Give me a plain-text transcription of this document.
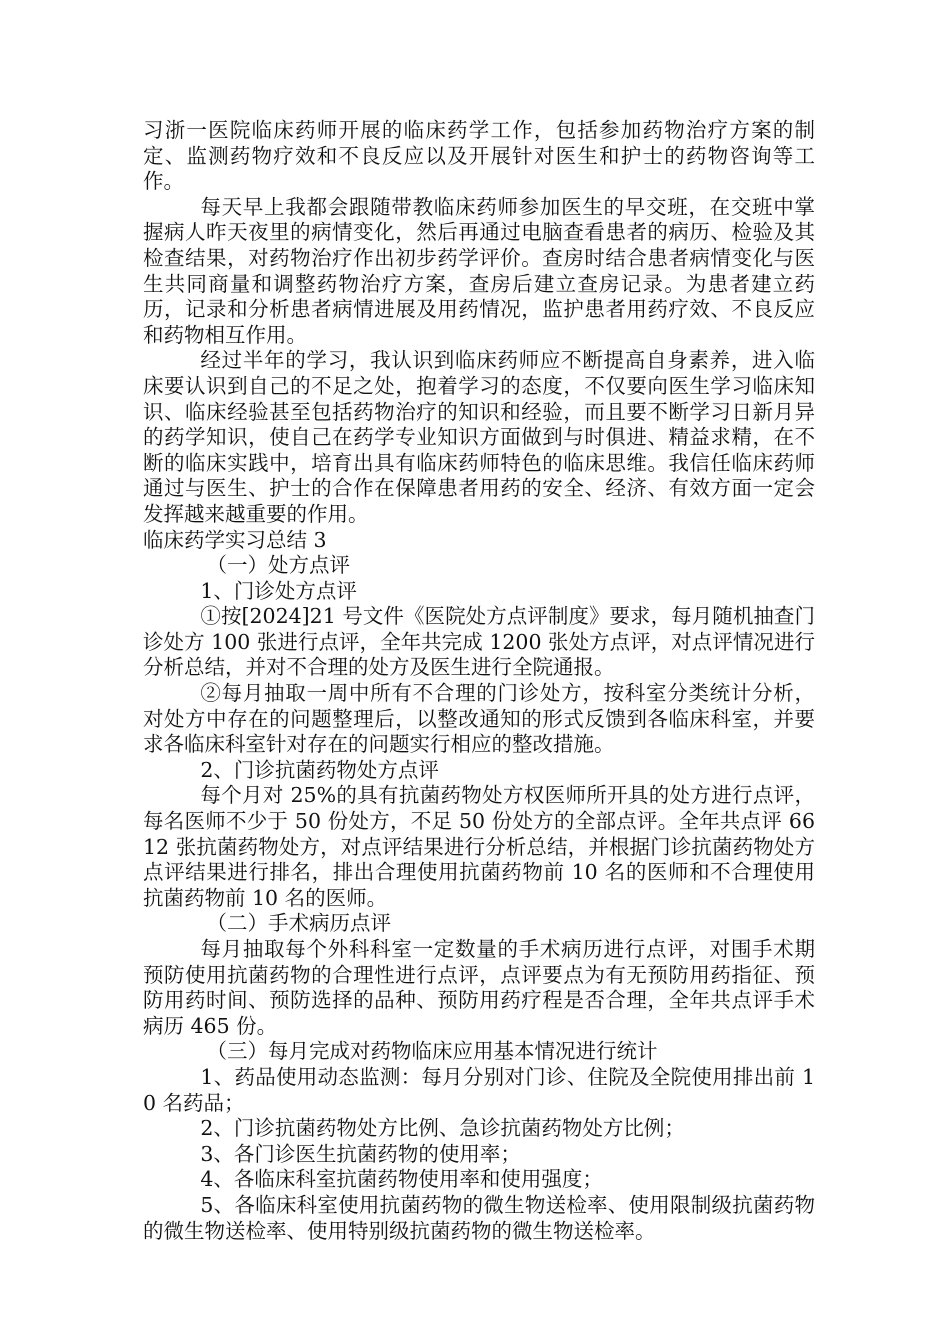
习浙一医院临床药师开展的临床药学工作，包括参加药物治疗方案的制定、监测药物疗效和不良反应以及开展针对医生和护士的药物咨询等工作。

每天早上我都会跟随带教临床药师参加医生的早交班，在交班中掌握病人昨天夜里的病情变化，然后再通过电脑查看患者的病历、检验及其检查结果，对药物治疗作出初步药学评价。查房时结合患者病情变化与医生共同商量和调整药物治疗方案，查房后建立查房记录。为患者建立药历，记录和分析患者病情进展及用药情况，监护患者用药疗效、不良反应和药物相互作用。

经过半年的学习，我认识到临床药师应不断提高自身素养，进入临床要认识到自己的不足之处，抱着学习的态度，不仅要向医生学习临床知识、临床经验甚至包括药物治疗的知识和经验，而且要不断学习日新月异的药学知识，使自己在药学专业知识方面做到与时俱进、精益求精，在不断的临床实践中，培育出具有临床药师特色的临床思维。我信任临床药师通过与医生、护士的合作在保障患者用药的安全、经济、有效方面一定会发挥越来越重要的作用。

临床药学实习总结 3

（一）处方点评

1、门诊处方点评

①按[2024]21 号文件《医院处方点评制度》要求，每月随机抽查门诊处方 100 张进行点评，全年共完成 1200 张处方点评，对点评情况进行分析总结，并对不合理的处方及医生进行全院通报。

②每月抽取一周中所有不合理的门诊处方，按科室分类统计分析，对处方中存在的问题整理后，以整改通知的形式反馈到各临床科室，并要求各临床科室针对存在的问题实行相应的整改措施。

2、门诊抗菌药物处方点评

每个月对 25%的具有抗菌药物处方权医师所开具的处方进行点评，每名医师不少于 50 份处方，不足 50 份处方的全部点评。全年共点评 6612 张抗菌药物处方，对点评结果进行分析总结，并根据门诊抗菌药物处方点评结果进行排名，排出合理使用抗菌药物前 10 名的医师和不合理使用抗菌药物前 10 名的医师。

（二）手术病历点评

每月抽取每个外科科室一定数量的手术病历进行点评，对围手术期预防使用抗菌药物的合理性进行点评，点评要点为有无预防用药指征、预防用药时间、预防选择的品种、预防用药疗程是否合理，全年共点评手术病历 465 份。

（三）每月完成对药物临床应用基本情况进行统计

1、药品使用动态监测：每月分别对门诊、住院及全院使用排出前 10 名药品；

2、门诊抗菌药物处方比例、急诊抗菌药物处方比例；

3、各门诊医生抗菌药物的使用率；

4、各临床科室抗菌药物使用率和使用强度；

5、各临床科室使用抗菌药物的微生物送检率、使用限制级抗菌药物的微生物送检率、使用特别级抗菌药物的微生物送检率。
